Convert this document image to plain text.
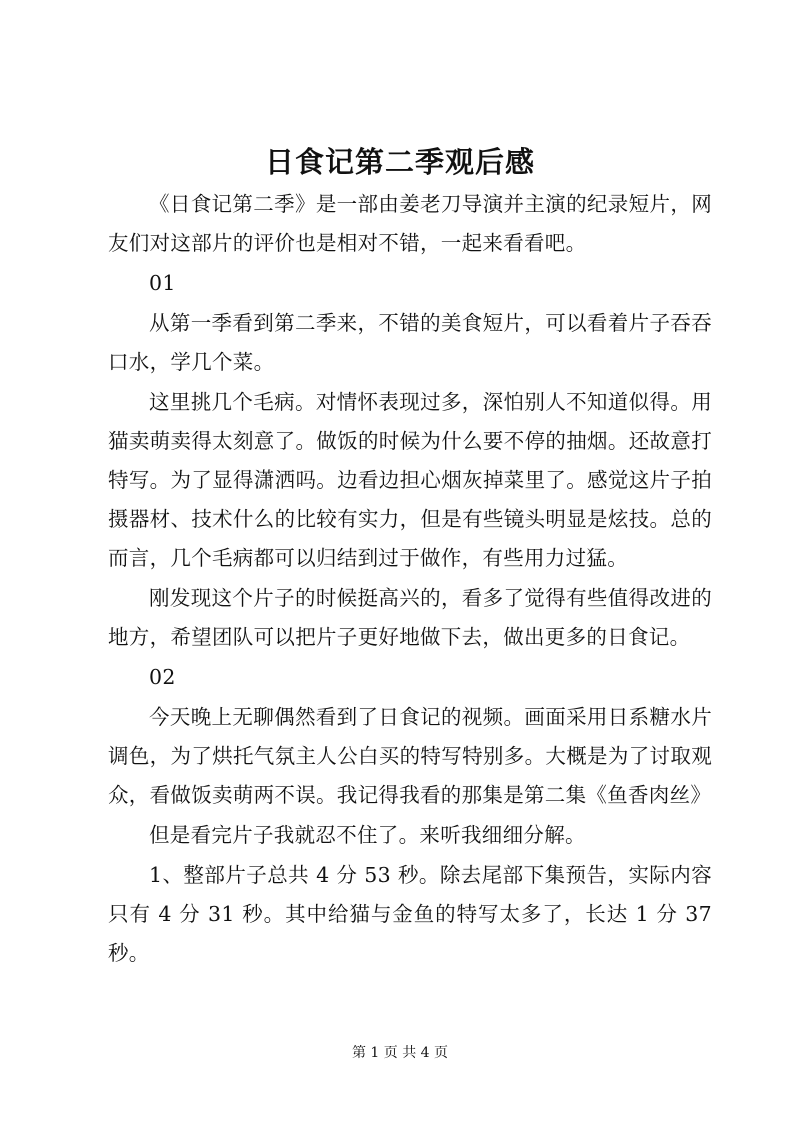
日食记第二季观后感

《日食记第二季》是一部由姜老刀导演并主演的纪录短片，网友们对这部片的评价也是相对不错，一起来看看吧。

01

从第一季看到第二季来，不错的美食短片，可以看着片子吞吞口水，学几个菜。

这里挑几个毛病。对情怀表现过多，深怕别人不知道似得。用猫卖萌卖得太刻意了。做饭的时候为什么要不停的抽烟。还故意打特写。为了显得潇洒吗。边看边担心烟灰掉菜里了。感觉这片子拍摄器材、技术什么的比较有实力，但是有些镜头明显是炫技。总的而言，几个毛病都可以归结到过于做作，有些用力过猛。

刚发现这个片子的时候挺高兴的，看多了觉得有些值得改进的地方，希望团队可以把片子更好地做下去，做出更多的日食记。

02

今天晚上无聊偶然看到了日食记的视频。画面采用日系糖水片调色，为了烘托气氛主人公白买的特写特别多。大概是为了讨取观众，看做饭卖萌两不误。我记得我看的那集是第二集《鱼香肉丝》

但是看完片子我就忍不住了。来听我细细分解。

1、整部片子总共 4 分 53 秒。除去尾部下集预告，实际内容只有 4 分 31 秒。其中给猫与金鱼的特写太多了，长达 1 分 37 秒。

第 1 页 共 4 页
